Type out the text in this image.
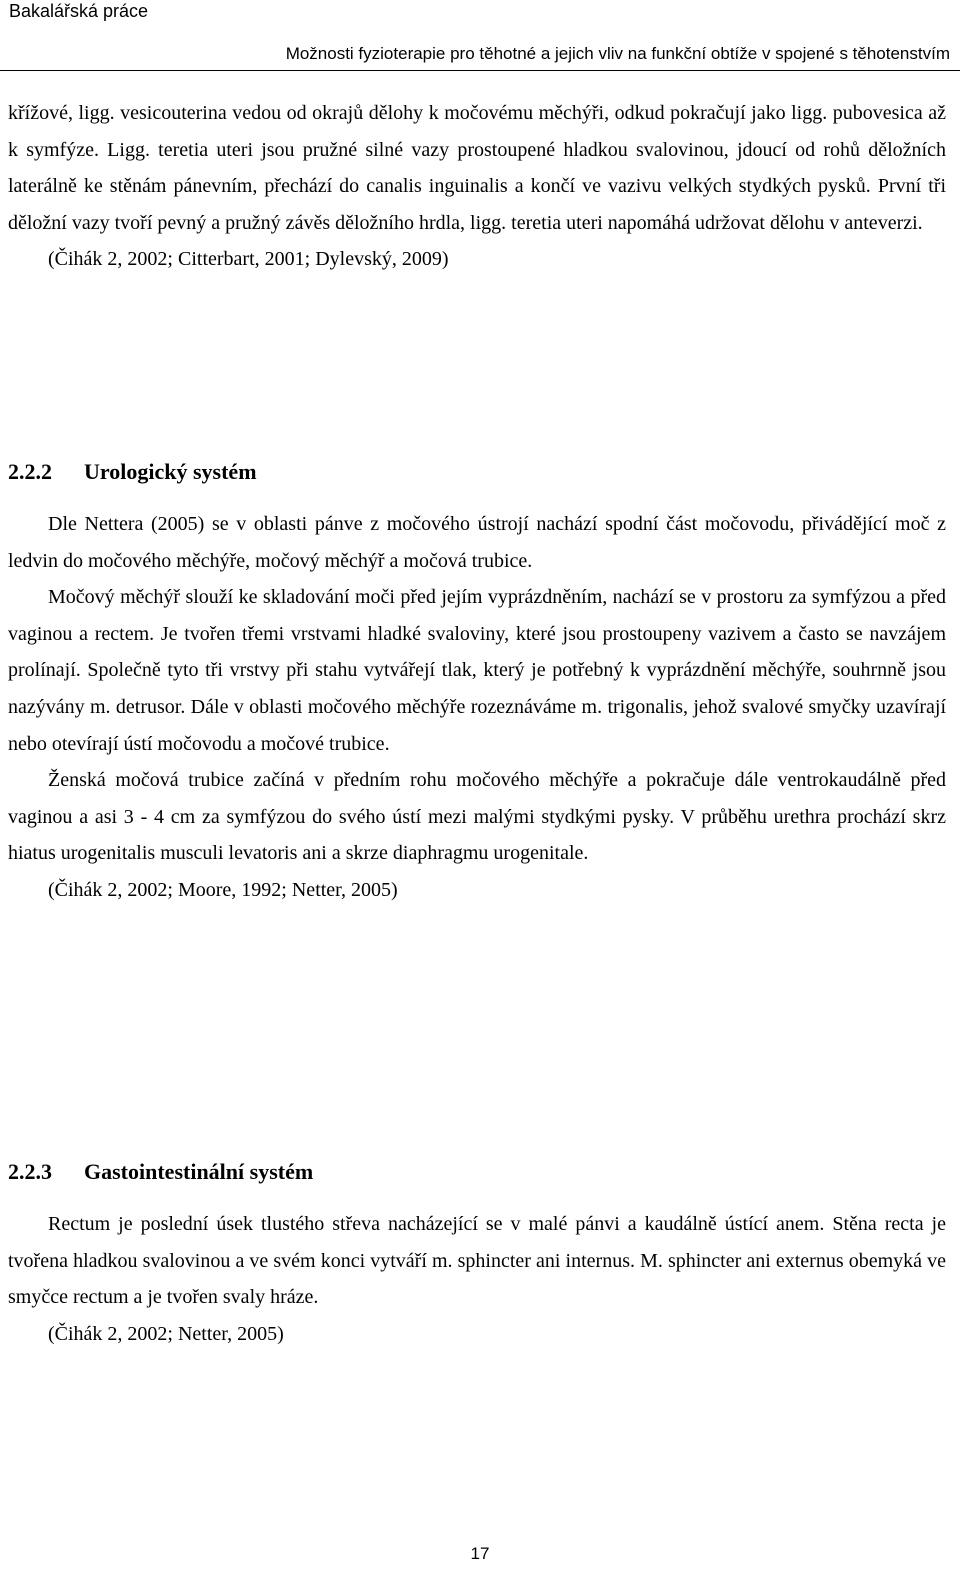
Bakalářská práce
Možnosti fyzioterapie pro těhotné a jejich vliv na funkční obtíže v spojené s těhotenstvím

křížové, ligg. vesicouterina vedou od okrajů dělohy k močovému měchýři, odkud pokračují jako ligg. pubovesica až k symfýze. Ligg. teretia uteri jsou pružné silné vazy prostoupené hladkou svalovinou, jdoucí od rohů děložních laterálně ke stěnám pánevním, přechází do canalis inguinalis a končí ve vazivu velkých stydkých pysků. První tři děložní vazy tvoří pevný a pružný závěs děložního hrdla, ligg. teretia uteri napomáhá udržovat dělohu v anteverzi.

(Čihák 2, 2002; Citterbart, 2001; Dylevský, 2009)

2.2.2 Urologický systém

Dle Nettera (2005) se v oblasti pánve z močového ústrojí nachází spodní část močovodu, přivádějící moč z ledvin do močového měchýře, močový měchýř a močová trubice.

Močový měchýř slouží ke skladování moči před jejím vyprázdněním, nachází se v prostoru za symfýzou a před vaginou a rectem. Je tvořen třemi vrstvami hladké svaloviny, které jsou prostoupeny vazivem a často se navzájem prolínají. Společně tyto tři vrstvy při stahu vytvářejí tlak, který je potřebný k vyprázdnění měchýře, souhrnně jsou nazývány m. detrusor. Dále v oblasti močového měchýře rozeznáváme m. trigonalis, jehož svalové smyčky uzavírají nebo otevírají ústí močovodu a močové trubice.

Ženská močová trubice začíná v předním rohu močového měchýře a pokračuje dále ventrokaudálně před vaginou a asi 3 - 4 cm za symfýzou do svého ústí mezi malými stydkými pysky. V průběhu urethra prochází skrz hiatus urogenitalis musculi levatoris ani a skrze diaphragmu urogenitale.

(Čihák 2, 2002; Moore, 1992; Netter, 2005)

2.2.3 Gastointestinální systém

Rectum je poslední úsek tlustého střeva nacházející se v malé pánvi a kaudálně ústící anem. Stěna recta je tvořena hladkou svalovinou a ve svém konci vytváří m. sphincter ani internus. M. sphincter ani externus obemyká ve smyčce rectum a je tvořen svaly hráze.

(Čihák 2, 2002; Netter, 2005)

17
